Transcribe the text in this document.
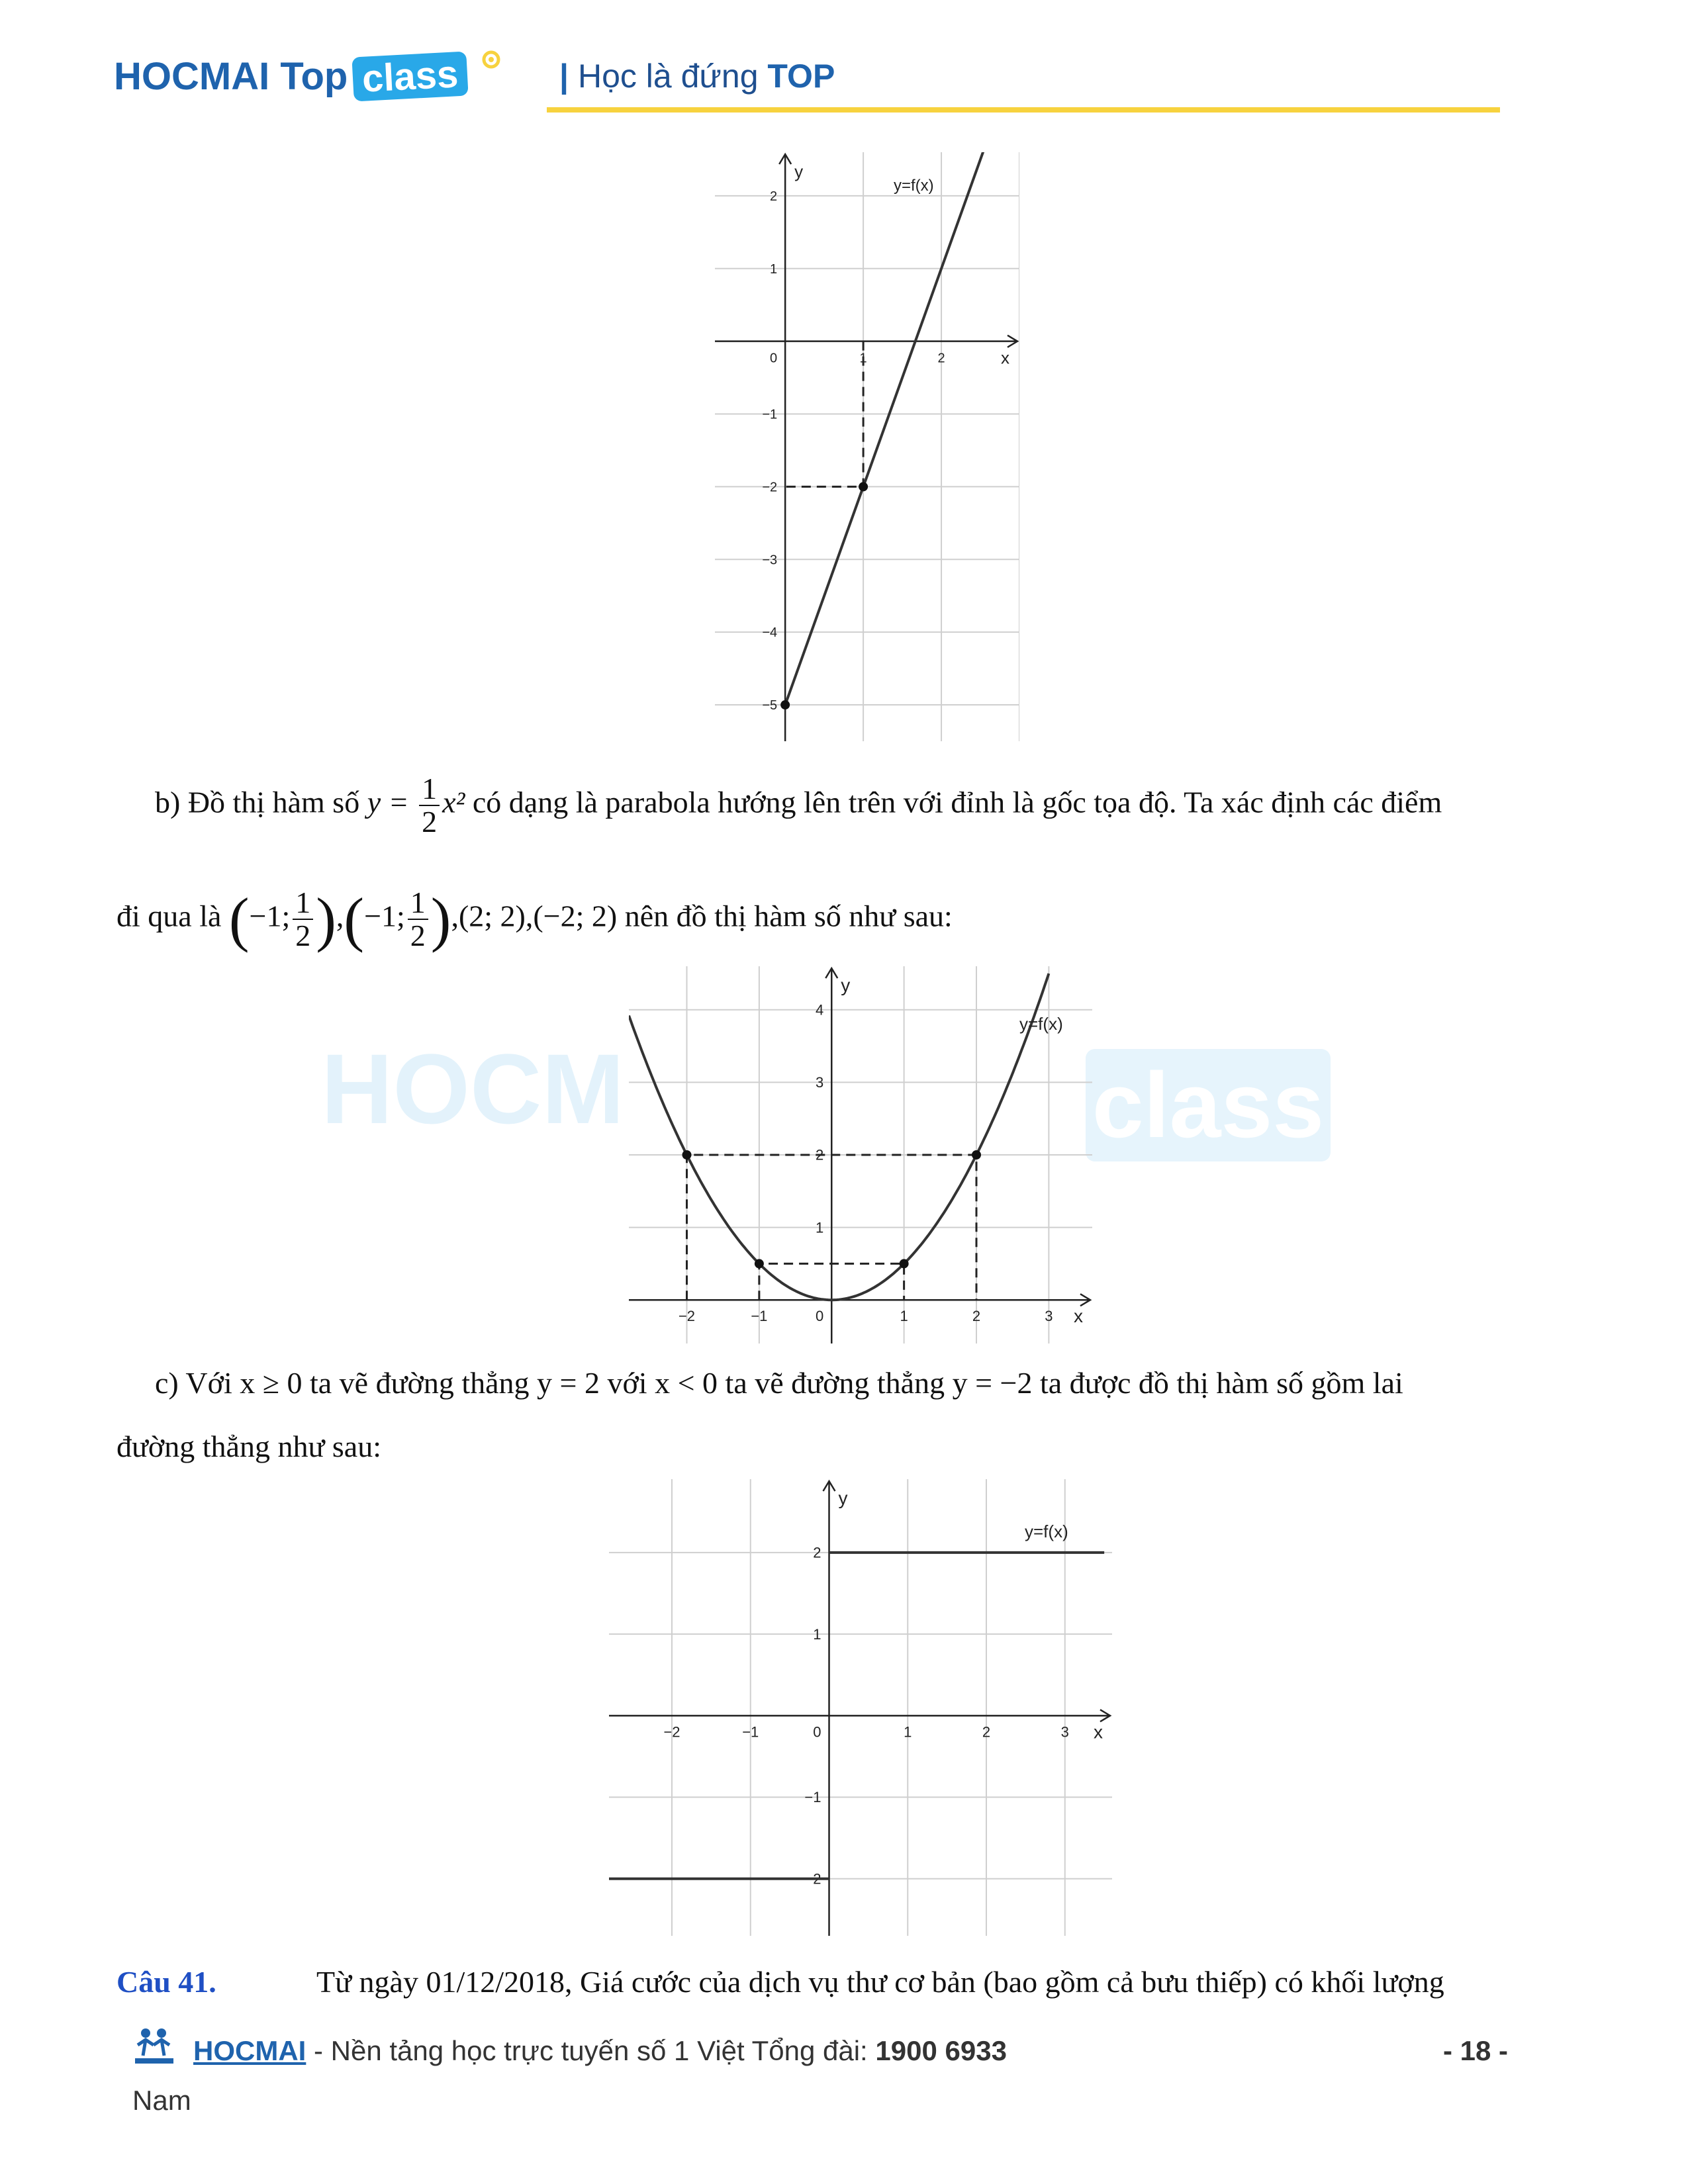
HOCMAI Top class	| Học là đứng TOP
x
y
1	2
2
1
−1
−2
−3
−4
−5
0
y=f(x)
b) Đồ thị hàm số $y = \frac{1}{2} x^2$ có dạng là parabola hướng lên trên với đỉnh là gốc tọa độ. Ta xác định các điểm
đi qua là (−1; $\frac{1}{2} ),(-1$; $\frac{1}{2} ),(2$; 2),(−2; 2) nên đồ thị hàm số như sau:
HOCM	class
x
y
−2	−1	1	2	3
4
3
2
1
0
y=f(x)
c) Với x ≥ 0 ta vẽ đường thẳng y = 2 với x < 0 ta vẽ đường thẳng y = −2 ta được đồ thị hàm số gồm lai
đường thẳng như sau:
x
y
−2	−1	1	2	3
2
1
−1
−2
0
y=f(x)
Câu 41.	Từ ngày 01/12/2018, Giá cước của dịch vụ thư cơ bản (bao gồm cả bưu thiếp) có khối lượng
HOCMAI - Nền tảng học trực tuyến số 1 Việt Tổng đài: 1900 6933	- 18 -
Nam
